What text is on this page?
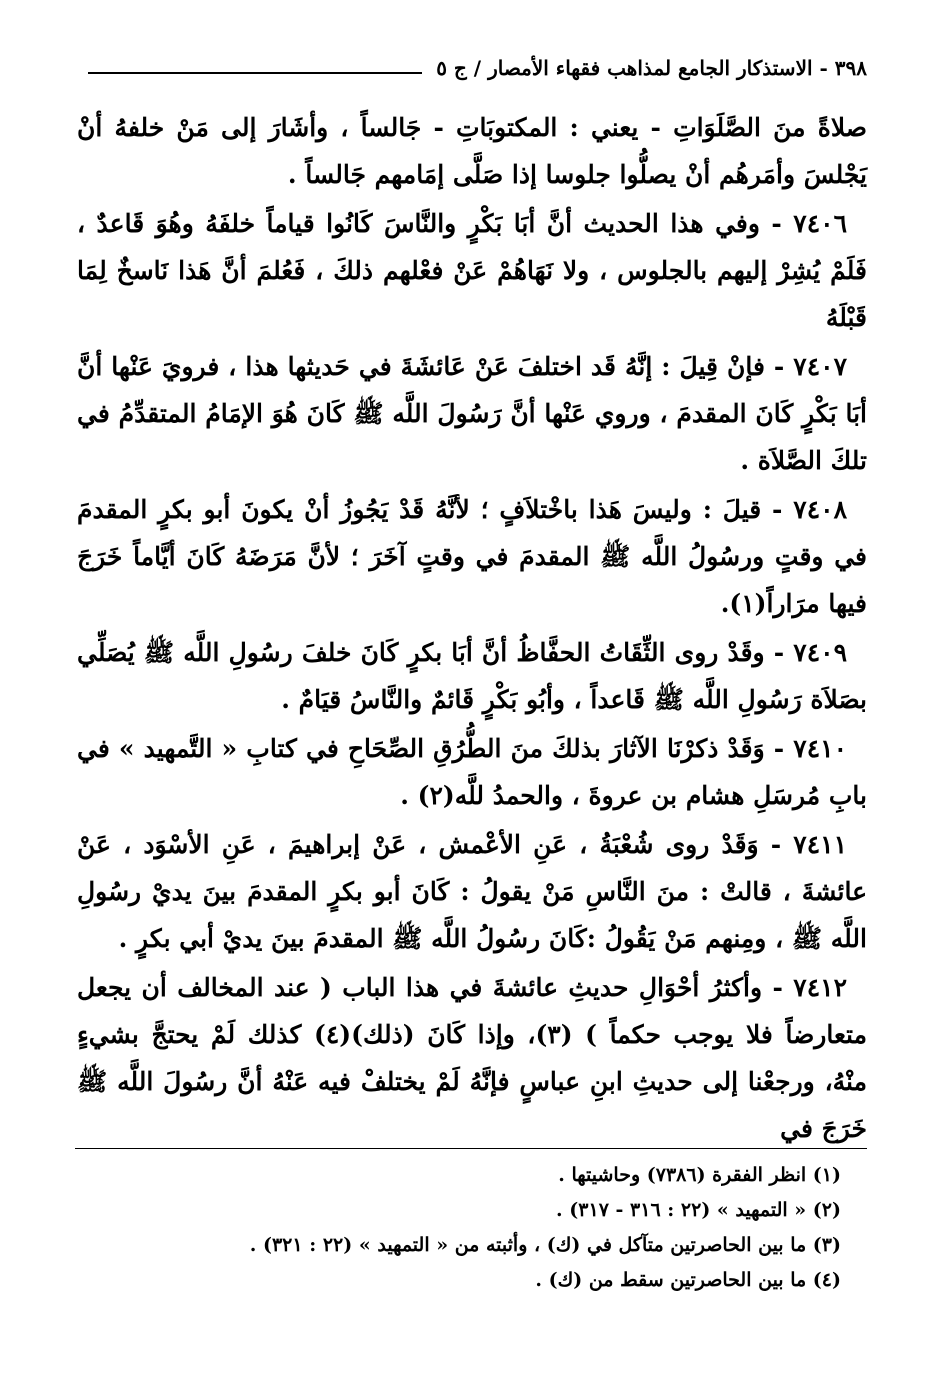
٣٩٨ - الاستذكار الجامع لمذاهب فقهاء الأمصار / ج ٥

صلاةً منَ الصَّلَوَاتِ - يعني : المكتوبَاتِ - جَالساً ، وأشَارَ إلى مَنْ خلفهُ أنْ يَجْلسَ وأمَرهُم أنْ يصلُّوا جلوسا إذا صَلَّى إمَامهم جَالساً .

٧٤٠٦ - وفي هذا الحديث أنَّ أبَا بَكْرٍ والنَّاسَ كَانُوا قياماً خلفَهُ وهُوَ قَاعدٌ ، فَلَمْ يُشِرْ إليهم بالجلوس ، ولا نَهَاهُمْ عَنْ فعْلهم ذلكَ ، فَعُلمَ أنَّ هَذا نَاسخٌ لِمَا قَبْلَهُ

٧٤٠٧ - فإنْ قِيلَ : إنَّهُ قَد اختلفَ عَنْ عَائشَةَ في حَديثها هذا ، فرويَ عَنْها أنَّ أبَا بَكْرٍ كَانَ المقدمَ ، وروي عَنْها أنَّ رَسُولَ اللَّه ﷺ كَانَ هُوَ الإمَامُ المتقدِّمُ في تلكَ الصَّلاَة .

٧٤٠٨ - قيلَ : وليسَ هَذا باخْتلاَفٍ ؛ لأنَّهُ قَدْ يَجُوزُ أنْ يكونَ أبو بكرٍ المقدمَ في وقتٍ ورسُولُ اللَّه ﷺ المقدمَ في وقتٍ آخَرَ ؛ لأنَّ مَرَضَهُ كَانَ أيَّاماً خَرَجَ فيها مرَاراً(١).

٧٤٠٩ - وقَدْ روى الثِّقَاتُ الحفَّاظُ أنَّ أبَا بكرٍ كَانَ خلفَ رسُولِ اللَّه ﷺ يُصَلِّي بصَلاَة رَسُولِ اللَّه ﷺ قَاعداً ، وأبُو بَكْرٍ قَائمٌ والنَّاسُ قيَامٌ .

٧٤١٠ - وَقَدْ ذكرْنَا الآثارَ بذلكَ منَ الطُّرُقِ الصِّحَاحِ في كتابِ « التَّمهيد » في بابِ مُرسَلِ هشام بن عروةَ ، والحمدُ للَّه(٢) .

٧٤١١ - وَقَدْ روى شُعْبَةُ ، عَنِ الأعْمش ، عَنْ إبراهيمَ ، عَنِ الأسْوَد ، عَنْ عائشةَ ، قالتْ : منَ النَّاسِ مَنْ يقولُ : كَانَ أبو بكرٍ المقدمَ بينَ يديْ رسُولِ اللَّه ﷺ ، ومِنهم مَنْ يَقُولُ :كَانَ رسُولُ اللَّه ﷺ المقدمَ بينَ يديْ أبي بكرٍ .

٧٤١٢ - وأكثرُ أحْوَالِ حديثِ عائشةَ في هذا الباب ( عند المخالف أن يجعل متعارضاً فلا يوجب حكماً ) (٣)، وإذا كَانَ (ذلك)(٤) كذلك لَمْ يحتجَّ بشيءٍ منْهُ، ورجعْنا إلى حديثِ ابنِ عباسٍ فإنَّهُ لَمْ يختلفْ فيه عَنْهُ أنَّ رسُولَ اللَّه ﷺ خَرَجَ في

(١) انظر الفقرة (٧٣٨٦) وحاشيتها .

(٢) « التمهيد » (٢٢ : ٣١٦ - ٣١٧) .

(٣) ما بين الحاصرتين متآكل في (ك) ، وأثبته من « التمهيد » (٢٢ : ٣٢١) .

(٤) ما بين الحاصرتين سقط من (ك) .
